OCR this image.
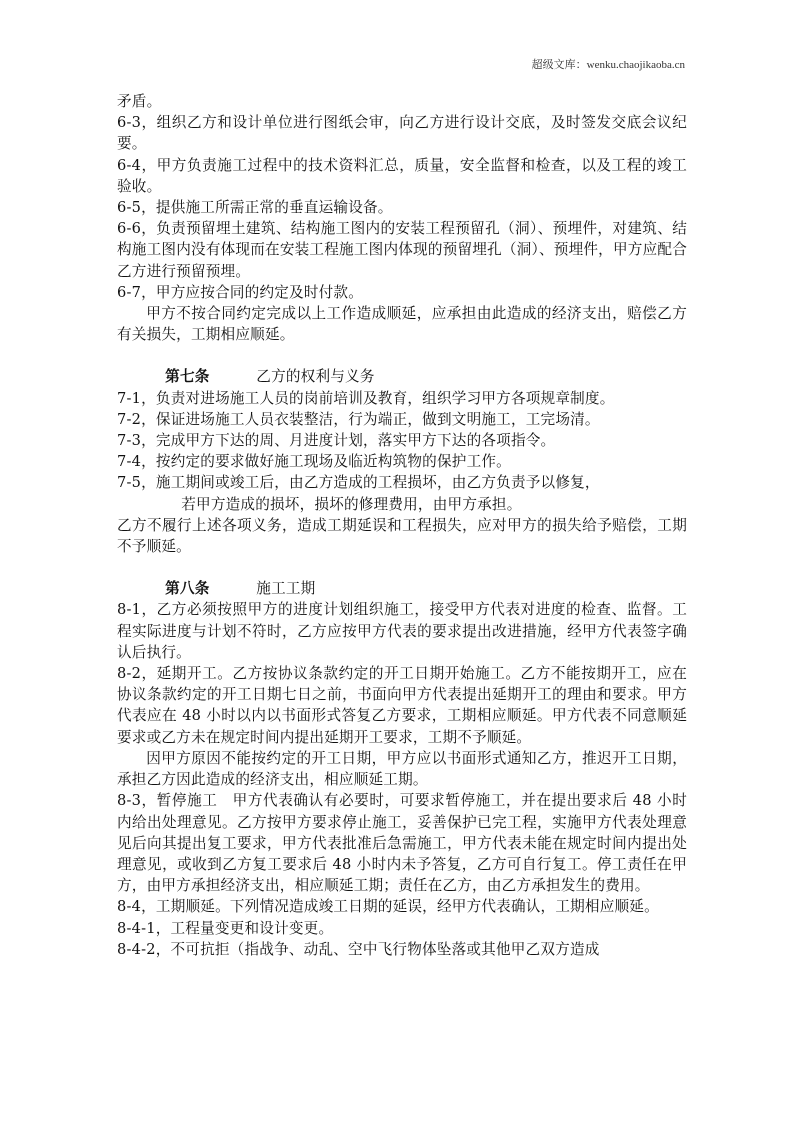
超级文库：wenku.chaojikaoba.cn

矛盾。

6-3，组织乙方和设计单位进行图纸会审，向乙方进行设计交底，及时签发交底会议纪要。

6-4，甲方负责施工过程中的技术资料汇总，质量，安全监督和检查，以及工程的竣工验收。

6-5，提供施工所需正常的垂直运输设备。

6-6，负责预留埋土建筑、结构施工图内的安装工程预留孔（洞）、预埋件，对建筑、结构施工图内没有体现而在安装工程施工图内体现的预留埋孔（洞）、预埋件，甲方应配合乙方进行预留预埋。

6-7，甲方应按合同的约定及时付款。

甲方不按合同约定完成以上工作造成顺延，应承担由此造成的经济支出，赔偿乙方有关损失，工期相应顺延。

第七条	乙方的权利与义务

7-1，负责对进场施工人员的岗前培训及教育，组织学习甲方各项规章制度。

7-2，保证进场施工人员衣装整洁，行为端正，做到文明施工，工完场清。

7-3，完成甲方下达的周、月进度计划，落实甲方下达的各项指令。

7-4，按约定的要求做好施工现场及临近构筑物的保护工作。

7-5，施工期间或竣工后，由乙方造成的工程损坏，由乙方负责予以修复，

若甲方造成的损坏，损坏的修理费用，由甲方承担。

乙方不履行上述各项义务，造成工期延误和工程损失，应对甲方的损失给予赔偿，工期不予顺延。

第八条	施工工期

8-1，乙方必须按照甲方的进度计划组织施工，接受甲方代表对进度的检查、监督。工程实际进度与计划不符时，乙方应按甲方代表的要求提出改进措施，经甲方代表签字确认后执行。

8-2，延期开工。乙方按协议条款约定的开工日期开始施工。乙方不能按期开工，应在协议条款约定的开工日期七日之前，书面向甲方代表提出延期开工的理由和要求。甲方代表应在 48 小时以内以书面形式答复乙方要求，工期相应顺延。甲方代表不同意顺延要求或乙方未在规定时间内提出延期开工要求，工期不予顺延。

因甲方原因不能按约定的开工日期，甲方应以书面形式通知乙方，推迟开工日期，承担乙方因此造成的经济支出，相应顺延工期。

8-3，暂停施工　甲方代表确认有必要时，可要求暂停施工，并在提出要求后 48 小时内给出处理意见。乙方按甲方要求停止施工，妥善保护已完工程，实施甲方代表处理意见后向其提出复工要求，甲方代表批准后急需施工，甲方代表未能在规定时间内提出处理意见，或收到乙方复工要求后 48 小时内未予答复，乙方可自行复工。停工责任在甲方，由甲方承担经济支出，相应顺延工期；责任在乙方，由乙方承担发生的费用。

8-4，工期顺延。下列情况造成竣工日期的延误，经甲方代表确认，工期相应顺延。

8-4-1，工程量变更和设计变更。

8-4-2，不可抗拒（指战争、动乱、空中飞行物体坠落或其他甲乙双方造成
